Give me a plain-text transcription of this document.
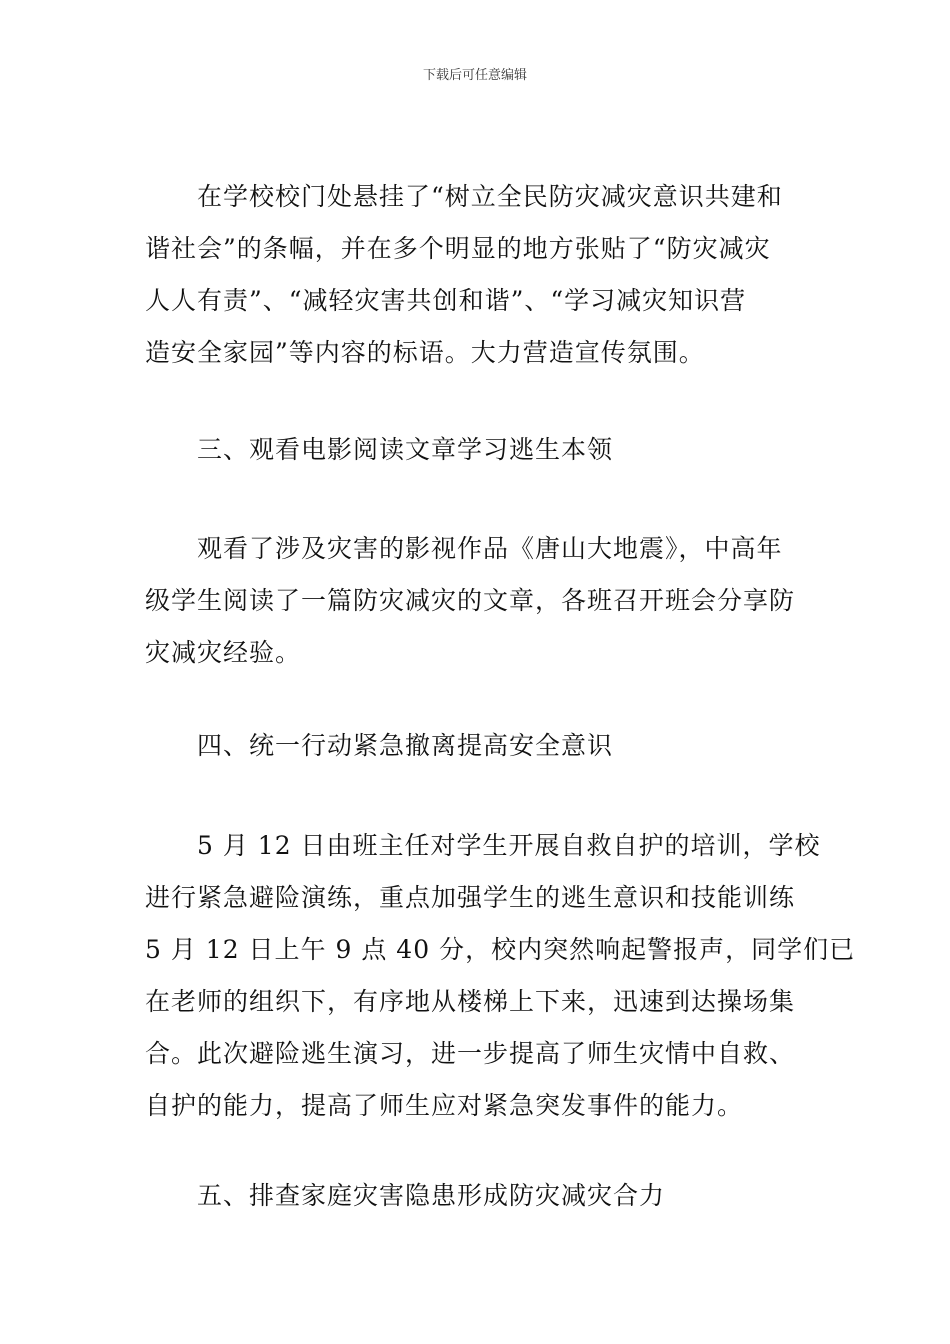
下载后可任意编辑
在学校校门处悬挂了“树立全民防灾减灾意识共建和
谐社会”的条幅，并在多个明显的地方张贴了“防灾减灾
人人有责”、“减轻灾害共创和谐”、“学习减灾知识营
造安全家园”等内容的标语。大力营造宣传氛围。
三、观看电影阅读文章学习逃生本领
观看了涉及灾害的影视作品《唐山大地震》，中高年
级学生阅读了一篇防灾减灾的文章，各班召开班会分享防
灾减灾经验。
四、统一行动紧急撤离提高安全意识
5 月 12 日由班主任对学生开展自救自护的培训，学校
进行紧急避险演练，重点加强学生的逃生意识和技能训练
5 月 12 日上午 9 点 40 分，校内突然响起警报声，同学们已
在老师的组织下，有序地从楼梯上下来，迅速到达操场集
合。此次避险逃生演习，进一步提高了师生灾情中自救、
自护的能力，提高了师生应对紧急突发事件的能力。
五、排查家庭灾害隐患形成防灾减灾合力
